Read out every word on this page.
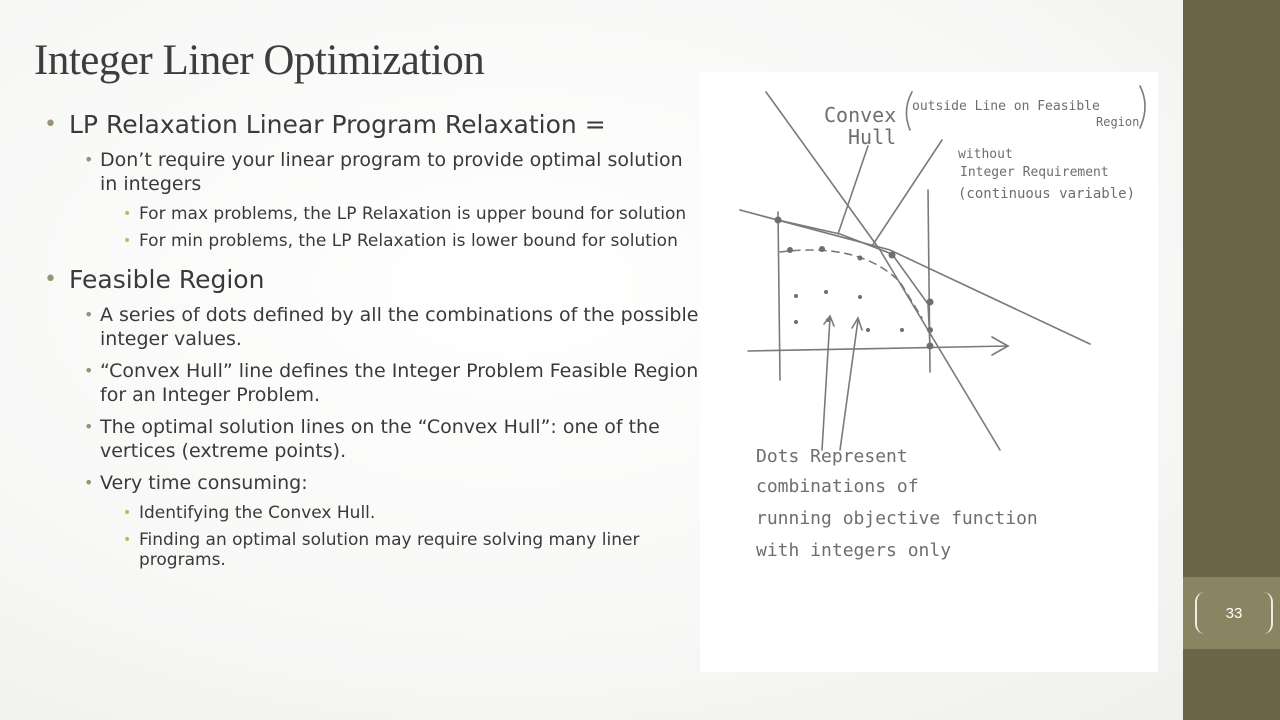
33
Integer Liner Optimization
• LP Relaxation Linear Program Relaxation =
• Don’t require your linear program to provide optimal solution in integers
• For max problems, the LP Relaxation is upper bound for solution
• For min problems, the LP Relaxation is lower bound for solution
• Feasible Region
• A series of dots defined by all the combinations of the possible integer values.
• “Convex Hull” line defines the Integer Problem Feasible Region for an Integer Problem.
• The optimal solution lines on the “Convex Hull”: one of the vertices (extreme points).
• Very time consuming:
• Identifying the Convex Hull.
• Finding an optimal solution may require solving many liner programs.
Convex
Hull
outside Line on Feasible
Region
without
Integer Requirement
(continuous variable)
Dots Represent
combinations of
running objective function
with integers only
